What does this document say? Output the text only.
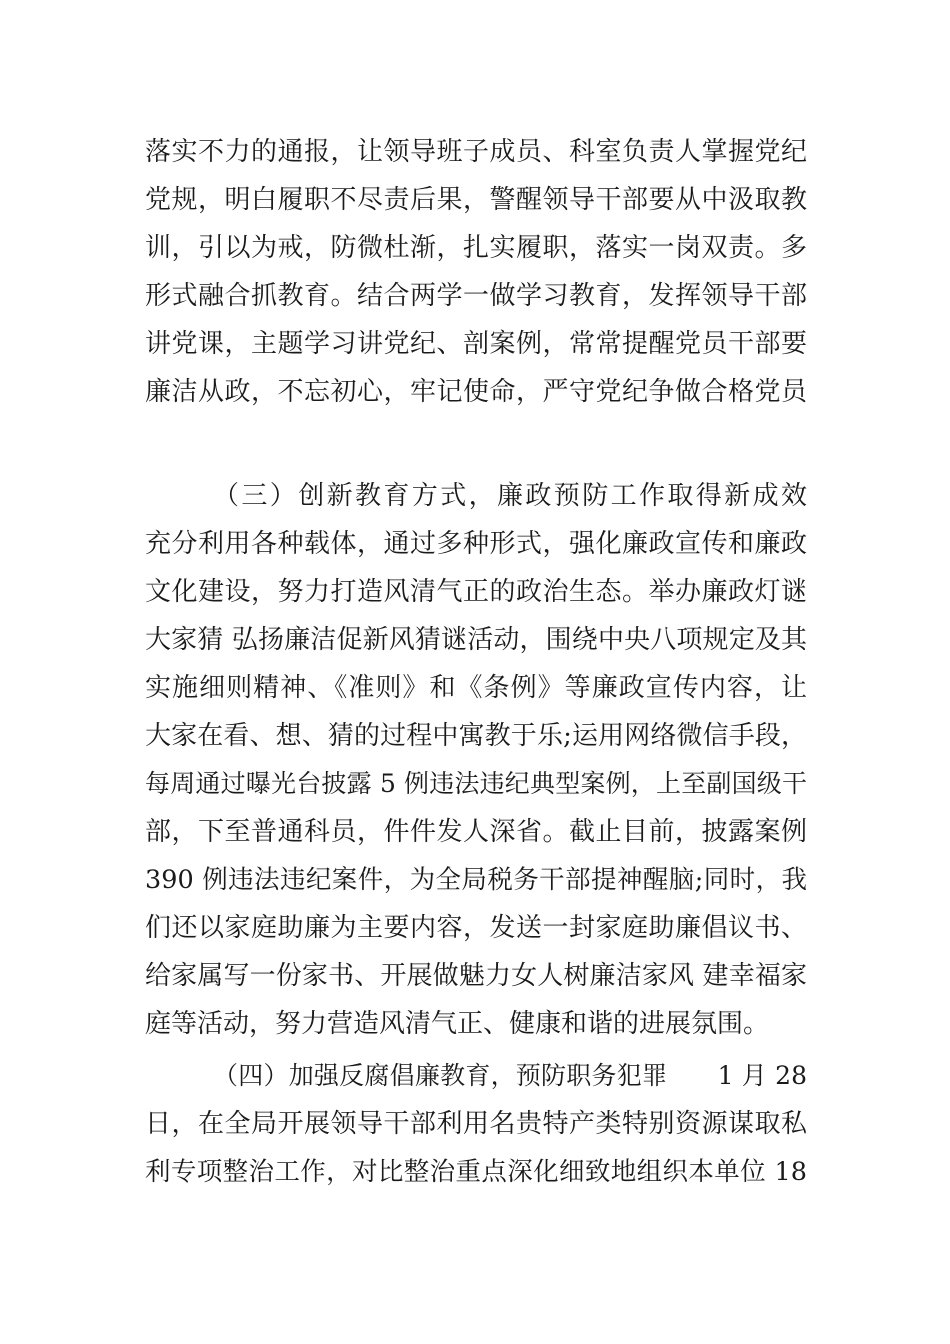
落实不力的通报，让领导班子成员、科室负责人掌握党纪
党规，明白履职不尽责后果，警醒领导干部要从中汲取教
训，引以为戒，防微杜渐，扎实履职，落实一岗双责。多
形式融合抓教育。结合两学一做学习教育，发挥领导干部
讲党课，主题学习讲党纪、剖案例，常常提醒党员干部要
廉洁从政，不忘初心，牢记使命，严守党纪争做合格党员
（三）创新教育方式，廉政预防工作取得新成效
充分利用各种载体，通过多种形式，强化廉政宣传和廉政
文化建设，努力打造风清气正的政治生态。举办廉政灯谜
大家猜 弘扬廉洁促新风猜谜活动，围绕中央八项规定及其
实施细则精神、《准则》和《条例》等廉政宣传内容，让
大家在看、想、猜的过程中寓教于乐;运用网络微信手段，
每周通过曝光台披露 5 例违法违纪典型案例，上至副国级干
部，下至普通科员，件件发人深省。截止目前，披露案例
390 例违法违纪案件，为全局税务干部提神醒脑;同时，我
们还以家庭助廉为主要内容，发送一封家庭助廉倡议书、
给家属写一份家书、开展做魅力女人树廉洁家风 建幸福家
庭等活动，努力营造风清气正、健康和谐的进展氛围。
（四）加强反腐倡廉教育，预防职务犯罪　　1 月 28
日，在全局开展领导干部利用名贵特产类特别资源谋取私
利专项整治工作，对比整治重点深化细致地组织本单位 18
